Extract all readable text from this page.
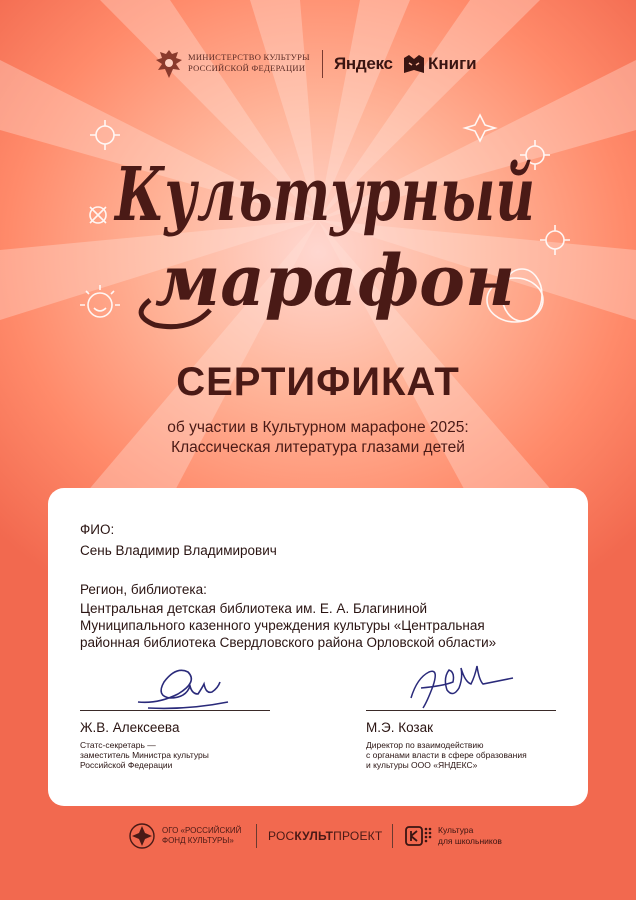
МИНИСТЕРСТВО КУЛЬТУРЫ
РОССИЙСКОЙ ФЕДЕРАЦИИ	Яндекс Книги
Культурный
марафон
СЕРТИФИКАТ
об участии в Культурном марафоне 2025:
Классическая литература глазами детей
ФИО:
Сень Владимир Владимирович
Регион, библиотека:
Центральная детская библиотека им. Е. А. Благининой
Муниципального казенного учреждения культуры «Центральная
районная библиотека Свердловского района Орловской области»
Ж.В. Алексеева
Статс-секретарь —
заместитель Министра культуры
Российской Федерации
М.Э. Козак
Директор по взаимодействию
с органами власти в сфере образования
и культуры ООО «ЯНДЕКС»
ОГО «РОССИЙСКИЙ
ФОНД КУЛЬТУРЫ»	РОСКУЛЬТПРОЕКТ	Культура
для школьников
